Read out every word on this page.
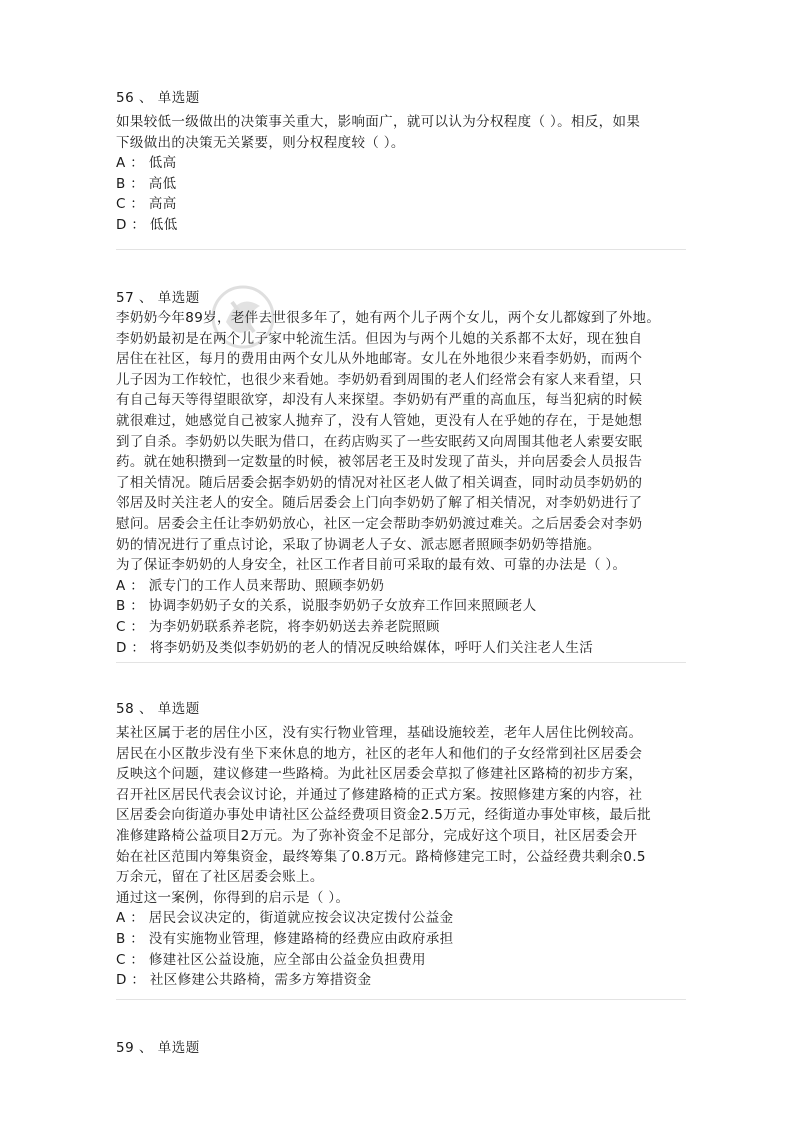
56 、 单选题
如果较低一级做出的决策事关重大，影响面广，就可以认为分权程度（ ）。相反，如果
下级做出的决策无关紧要，则分权程度较（ ）。
A ： 低高
B ： 高低
C ： 高高
D ： 低低
57 、 单选题
李奶奶今年89岁，老伴去世很多年了，她有两个儿子两个女儿，两个女儿都嫁到了外地。
李奶奶最初是在两个儿子家中轮流生活。但因为与两个儿媳的关系都不太好，现在独自
居住在社区，每月的费用由两个女儿从外地邮寄。女儿在外地很少来看李奶奶，而两个
儿子因为工作较忙，也很少来看她。李奶奶看到周围的老人们经常会有家人来看望，只
有自己每天等得望眼欲穿，却没有人来探望。李奶奶有严重的高血压，每当犯病的时候
就很难过，她感觉自己被家人抛弃了，没有人管她，更没有人在乎她的存在，于是她想
到了自杀。李奶奶以失眠为借口，在药店购买了一些安眠药又向周围其他老人索要安眠
药。就在她积攒到一定数量的时候，被邻居老王及时发现了苗头，并向居委会人员报告
了相关情况。随后居委会据李奶奶的情况对社区老人做了相关调查，同时动员李奶奶的
邻居及时关注老人的安全。随后居委会上门向李奶奶了解了相关情况，对李奶奶进行了
慰问。居委会主任让李奶奶放心，社区一定会帮助李奶奶渡过难关。之后居委会对李奶
奶的情况进行了重点讨论，采取了协调老人子女、派志愿者照顾李奶奶等措施。
为了保证李奶奶的人身安全，社区工作者目前可采取的最有效、可靠的办法是（ ）。
A ： 派专门的工作人员来帮助、照顾李奶奶
B ： 协调李奶奶子女的关系，说服李奶奶子女放弃工作回来照顾老人
C ： 为李奶奶联系养老院，将李奶奶送去养老院照顾
D ： 将李奶奶及类似李奶奶的老人的情况反映给媒体，呼吁人们关注老人生活
58 、 单选题
某社区属于老的居住小区，没有实行物业管理，基础设施较差，老年人居住比例较高。
居民在小区散步没有坐下来休息的地方，社区的老年人和他们的子女经常到社区居委会
反映这个问题，建议修建一些路椅。为此社区居委会草拟了修建社区路椅的初步方案，
召开社区居民代表会议讨论，并通过了修建路椅的正式方案。按照修建方案的内容，社
区居委会向街道办事处申请社区公益经费项目资金2.5万元，经街道办事处审核，最后批
准修建路椅公益项目2万元。为了弥补资金不足部分，完成好这个项目，社区居委会开
始在社区范围内筹集资金，最终筹集了0.8万元。路椅修建完工时，公益经费共剩余0.5
万余元，留在了社区居委会账上。
通过这一案例，你得到的启示是（ ）。
A ： 居民会议决定的，街道就应按会议决定拨付公益金
B ： 没有实施物业管理，修建路椅的经费应由政府承担
C ： 修建社区公益设施，应全部由公益金负担费用
D ： 社区修建公共路椅，需多方筹措资金
59 、 单选题
